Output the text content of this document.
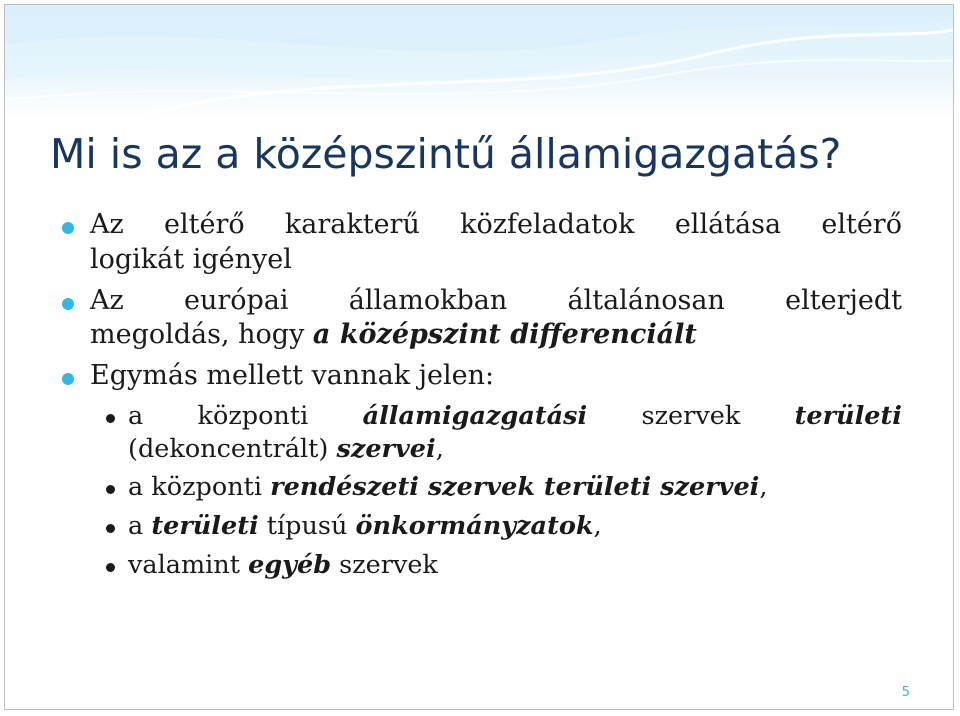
Mi is az a középszintű államigazgatás?
Az eltérő karakterű közfeladatok ellátása eltérő
logikát igényel
Az európai államokban általánosan elterjedt
megoldás, hogy a középszint differenciált
Egymás mellett vannak jelen:
a központi államigazgatási szervek területi
(dekoncentrált) szervei,
a központi rendészeti szervek területi szervei,
a területi típusú önkormányzatok,
valamint egyéb szervek
5
